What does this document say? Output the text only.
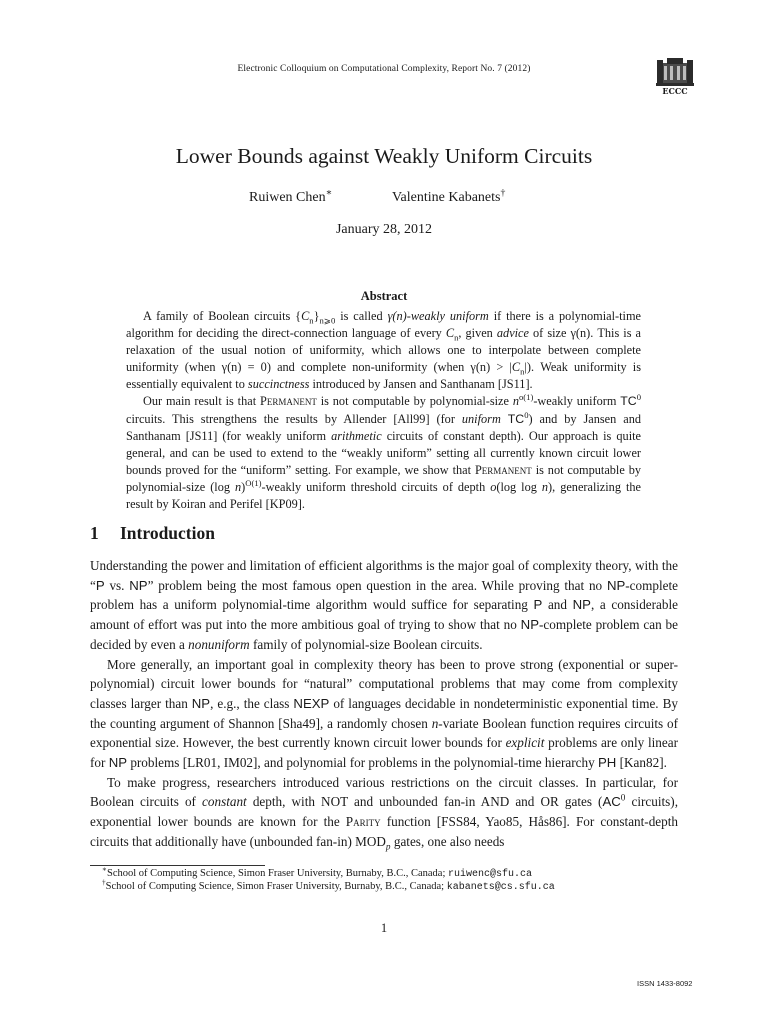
Electronic Colloquium on Computational Complexity, Report No. 7 (2012)
ECCC
Lower Bounds against Weakly Uniform Circuits
Ruiwen Chen∗	Valentine Kabanets†
January 28, 2012
Abstract

A family of Boolean circuits $\{C_n\}_{n⩾0}$ is called γ(n)-weakly uniform if there is a polynomial-time algorithm for deciding the direct-connection language of every $C_n$, given advice of size γ(n). This is a relaxation of the usual notion of uniformity, which allows one to interpolate between complete uniformity (when γ(n) = 0) and complete non-uniformity (when $\gamma(n) > |C_n|$). Weak uniformity is essentially equivalent to succinctness introduced by Jansen and Santhanam [JS11].

Our main result is that Permanent is not computable by polynomial-size $n^{o(1)}$-weakly uniform $TC^0$ circuits. This strengthens the results by Allender [All99] (for uniform $TC^0$) and by Jansen and Santhanam [JS11] (for weakly uniform arithmetic circuits of constant depth). Our approach is quite general, and can be used to extend to the “weakly uniform” setting all currently known circuit lower bounds proved for the “uniform” setting. For example, we show that Permanent is not computable by polynomial-size (log n)$^{O(1)}$-weakly uniform threshold circuits of depth o(log log n), generalizing the result by Koiran and Perifel [KP09].

1 Introduction

Understanding the power and limitation of efficient algorithms is the major goal of complexity theory, with the “P vs. NP” problem being the most famous open question in the area. While proving that no NP-complete problem has a uniform polynomial-time algorithm would suffice for separating P and NP, a considerable amount of effort was put into the more ambitious goal of trying to show that no NP-complete problem can be decided by even a nonuniform family of polynomial-size Boolean circuits.

More generally, an important goal in complexity theory has been to prove strong (exponential or super-polynomial) circuit lower bounds for “natural” computational problems that may come from complexity classes larger than NP, e.g., the class NEXP of languages decidable in nondeterministic exponential time. By the counting argument of Shannon [Sha49], a randomly chosen n-variate Boolean function requires circuits of exponential size. However, the best currently known circuit lower bounds for explicit problems are only linear for NP problems [LR01, IM02], and polynomial for problems in the polynomial-time hierarchy PH [Kan82].

To make progress, researchers introduced various restrictions on the circuit classes. In particular, for Boolean circuits of constant depth, with NOT and unbounded fan-in AND and OR gates ($AC^0$ circuits), exponential lower bounds are known for the Parity function [FSS84, Yao85, Hås86]. For constant-depth circuits that additionally have (unbounded fan-in) $MOD_p$ gates, one also needs

∗School of Computing Science, Simon Fraser University, Burnaby, B.C., Canada; ruiwenc@sfu.ca
†School of Computing Science, Simon Fraser University, Burnaby, B.C., Canada; kabanets@cs.sfu.ca
1
ISSN 1433-8092
